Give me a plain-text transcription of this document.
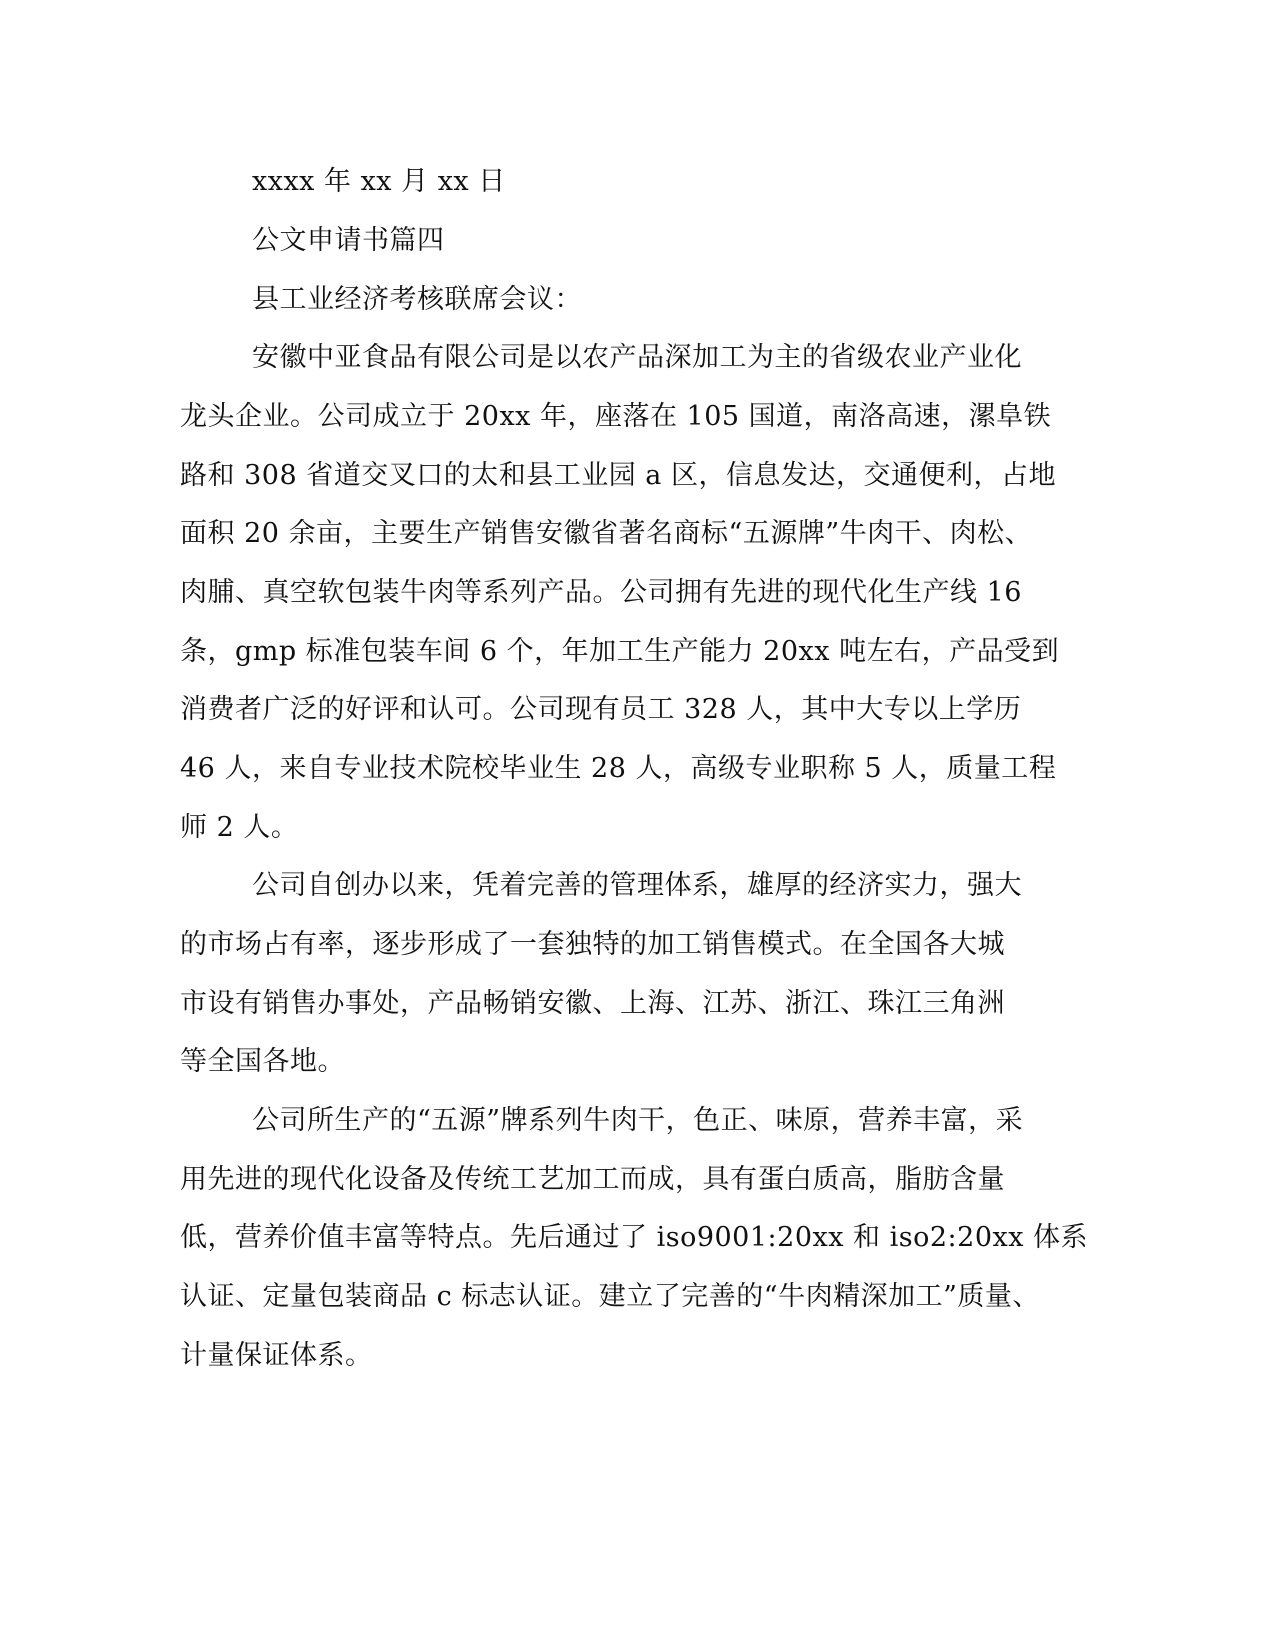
xxxx 年 xx 月 xx 日
公文申请书篇四
县工业经济考核联席会议：
安徽中亚食品有限公司是以农产品深加工为主的省级农业产业化
龙头企业。公司成立于 20xx 年，座落在 105 国道，南洛高速，漯阜铁
路和 308 省道交叉口的太和县工业园 a 区，信息发达，交通便利，占地
面积 20 余亩，主要生产销售安徽省著名商标“五源牌”牛肉干、肉松、
肉脯、真空软包装牛肉等系列产品。公司拥有先进的现代化生产线 16
条，gmp 标准包装车间 6 个，年加工生产能力 20xx 吨左右，产品受到
消费者广泛的好评和认可。公司现有员工 328 人，其中大专以上学历
46 人，来自专业技术院校毕业生 28 人，高级专业职称 5 人，质量工程
师 2 人。
公司自创办以来，凭着完善的管理体系，雄厚的经济实力，强大
的市场占有率，逐步形成了一套独特的加工销售模式。在全国各大城
市设有销售办事处，产品畅销安徽、上海、江苏、浙江、珠江三角洲
等全国各地。
公司所生产的“五源”牌系列牛肉干，色正、味原，营养丰富，采
用先进的现代化设备及传统工艺加工而成，具有蛋白质高，脂肪含量
低，营养价值丰富等特点。先后通过了 iso9001:20xx 和 iso2:20xx 体系
认证、定量包装商品 c 标志认证。建立了完善的“牛肉精深加工”质量、
计量保证体系。
